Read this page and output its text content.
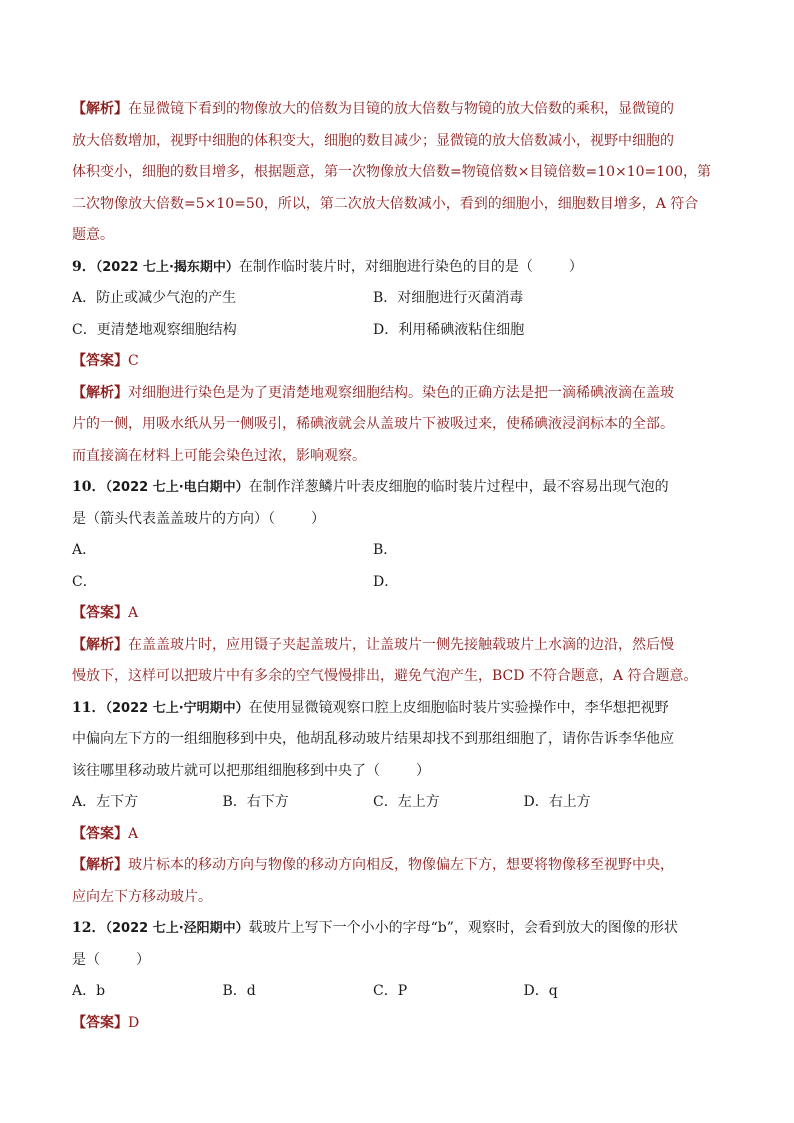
【解析】在显微镜下看到的物像放大的倍数为目镜的放大倍数与物镜的放大倍数的乘积，显微镜的
放大倍数增加，视野中细胞的体积变大，细胞的数目减少；显微镜的放大倍数减小，视野中细胞的
体积变小，细胞的数目增多，根据题意，第一次物像放大倍数=物镜倍数×目镜倍数=10×10=100，第
二次物像放大倍数=5×10=50，所以，第二次放大倍数减小，看到的细胞小，细胞数目增多，A 符合
题意。
9．（2022 七上·揭东期中）在制作临时装片时，对细胞进行染色的目的是（	）
A．防止或减少气泡的产生	B．对细胞进行灭菌消毒
C．更清楚地观察细胞结构	D．利用稀碘液粘住细胞
【答案】C
【解析】对细胞进行染色是为了更清楚地观察细胞结构。染色的正确方法是把一滴稀碘液滴在盖玻
片的一侧，用吸水纸从另一侧吸引，稀碘液就会从盖玻片下被吸过来，使稀碘液浸润标本的全部。
而直接滴在材料上可能会染色过浓，影响观察。
10．（2022 七上·电白期中）在制作洋葱鳞片叶表皮细胞的临时装片过程中，最不容易出现气泡的
是（箭头代表盖盖玻片的方向）（	）
A．	B．
C．	D．
【答案】A
【解析】在盖盖玻片时，应用镊子夹起盖玻片，让盖玻片一侧先接触载玻片上水滴的边沿，然后慢
慢放下，这样可以把玻片中有多余的空气慢慢排出，避免气泡产生，BCD 不符合题意，A 符合题意。
11．（2022 七上·宁明期中）在使用显微镜观察口腔上皮细胞临时装片实验操作中，李华想把视野
中偏向左下方的一组细胞移到中央，他胡乱移动玻片结果却找不到那组细胞了，请你告诉李华他应
该往哪里移动玻片就可以把那组细胞移到中央了（	）
A．左下方	B．右下方	C．左上方	D．右上方
【答案】A
【解析】玻片标本的移动方向与物像的移动方向相反，物像偏左下方，想要将物像移至视野中央，
应向左下方移动玻片。
12．（2022 七上·泾阳期中）载玻片上写下一个小小的字母“b”，观察时，会看到放大的图像的形状
是（	）
A．b	B．d	C．P	D．q
【答案】D
